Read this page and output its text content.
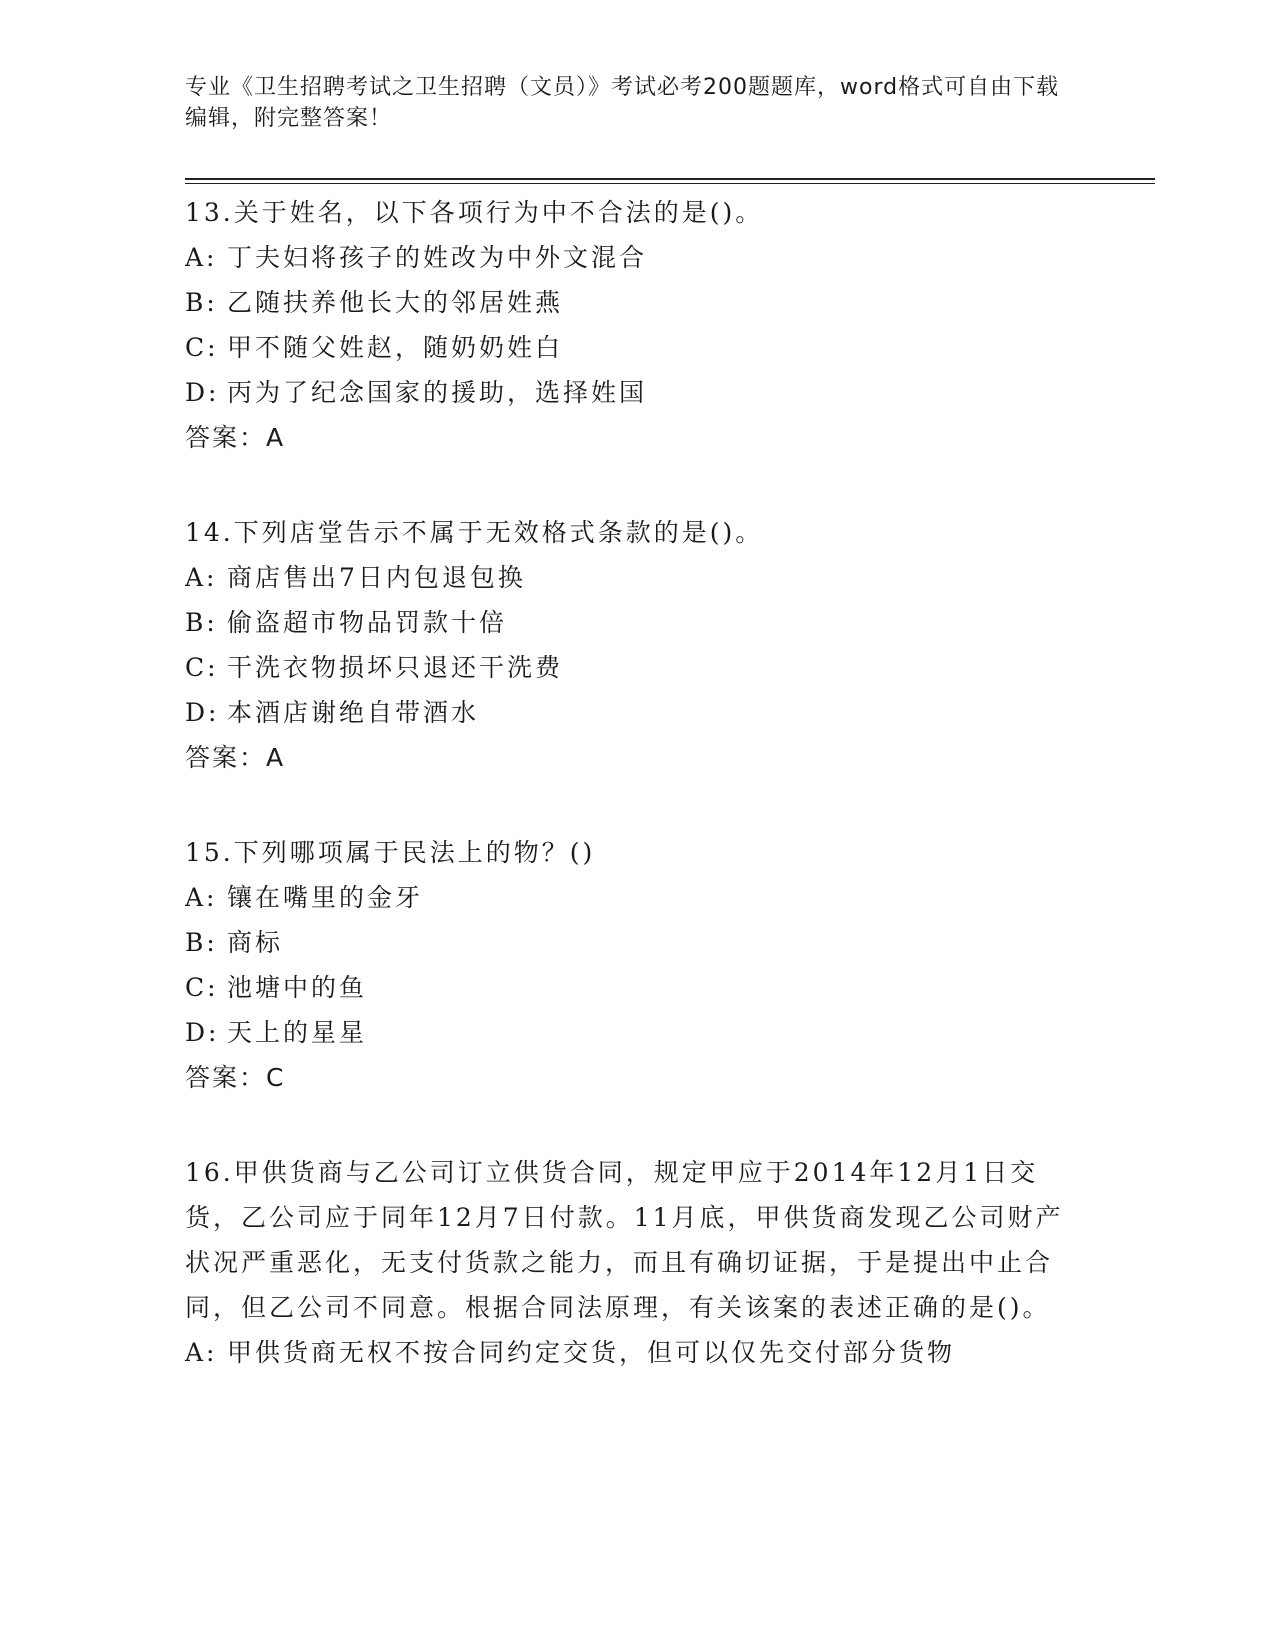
专业《卫生招聘考试之卫生招聘（文员）》考试必考200题题库，word格式可自由下载编辑，附完整答案！

13.关于姓名，以下各项行为中不合法的是()。

A: 丁夫妇将孩子的姓改为中外文混合

B: 乙随扶养他长大的邻居姓燕

C: 甲不随父姓赵，随奶奶姓白

D: 丙为了纪念国家的援助，选择姓国

答案：A

14.下列店堂告示不属于无效格式条款的是()。

A: 商店售出7日内包退包换

B: 偷盗超市物品罚款十倍

C: 干洗衣物损坏只退还干洗费

D: 本酒店谢绝自带酒水

答案：A

15.下列哪项属于民法上的物？()

A: 镶在嘴里的金牙

B: 商标

C: 池塘中的鱼

D: 天上的星星

答案：C

16.甲供货商与乙公司订立供货合同，规定甲应于2014年12月1日交货，乙公司应于同年12月7日付款。11月底，甲供货商发现乙公司财产状况严重恶化，无支付货款之能力，而且有确切证据，于是提出中止合同，但乙公司不同意。根据合同法原理，有关该案的表述正确的是()。

A: 甲供货商无权不按合同约定交货，但可以仅先交付部分货物
